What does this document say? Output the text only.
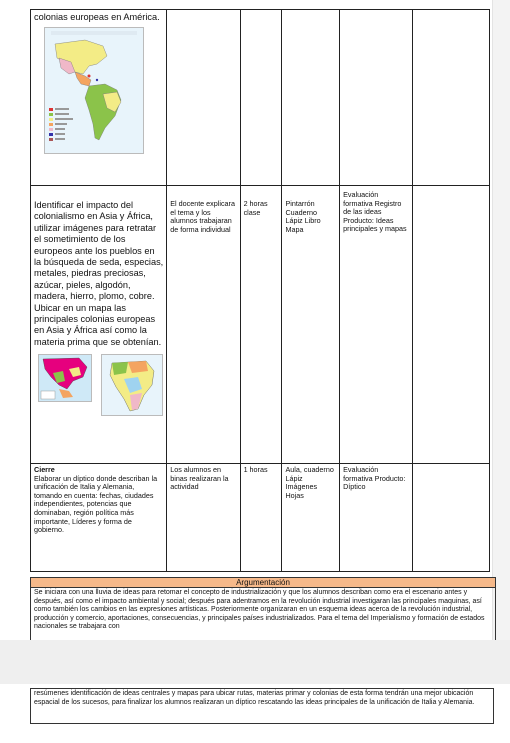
colonias europeas en América.					

Identificar el impacto del colonialismo en Asia y África, utilizar imágenes para retratar el sometimiento de los europeos ante los pueblos en la búsqueda de seda, especias, metales, piedras preciosas, azúcar, pieles, algodón, madera, hierro, plomo, cobre. Ubicar en un mapa las principales colonias europeas en Asia y África así como la materia prima que se obtenían.	El docente explicara el tema y los alumnos trabajaran de forma individual	2 horas clase	Pintarrón Cuaderno Lápiz Libro Mapa	Evaluación formativa Registro de las ideas Producto: Ideas principales y mapas	

Cierre
Elaborar un díptico donde describan la unificación de Italia y Alemania, tomando en cuenta: fechas, ciudades independientes, potencias que dominaban, región política más importante, Líderes y forma de gobierno.	Los alumnos en binas realizaran la actividad	1 horas	Aula, cuaderno Lápiz Imágenes Hojas	Evaluación formativa Producto: Díptico	
Argumentación
Se iniciara con una lluvia de ideas para retomar el concepto de industrialización y que los alumnos describan como era el escenario antes y después, así como el impacto ambiental y social; después para adentramos en la revolución industrial investigaran las principales maquinas, así como también los cambios en las expresiones artísticas. Posteriormente organizaran en un esquema ideas acerca de la revolución industrial, producción y comercio, aportaciones, consecuencias, y principales países industrializados. Para el tema del Imperialismo y formación de estados nacionales se trabajara con
resúmenes identificación de ideas centrales y mapas para ubicar rutas, materias primar y colonias de esta forma tendrán una mejor ubicación espacial de los sucesos, para finalizar los alumnos realizaran un díptico rescatando las ideas principales de la unificación de Italia y Alemania.
